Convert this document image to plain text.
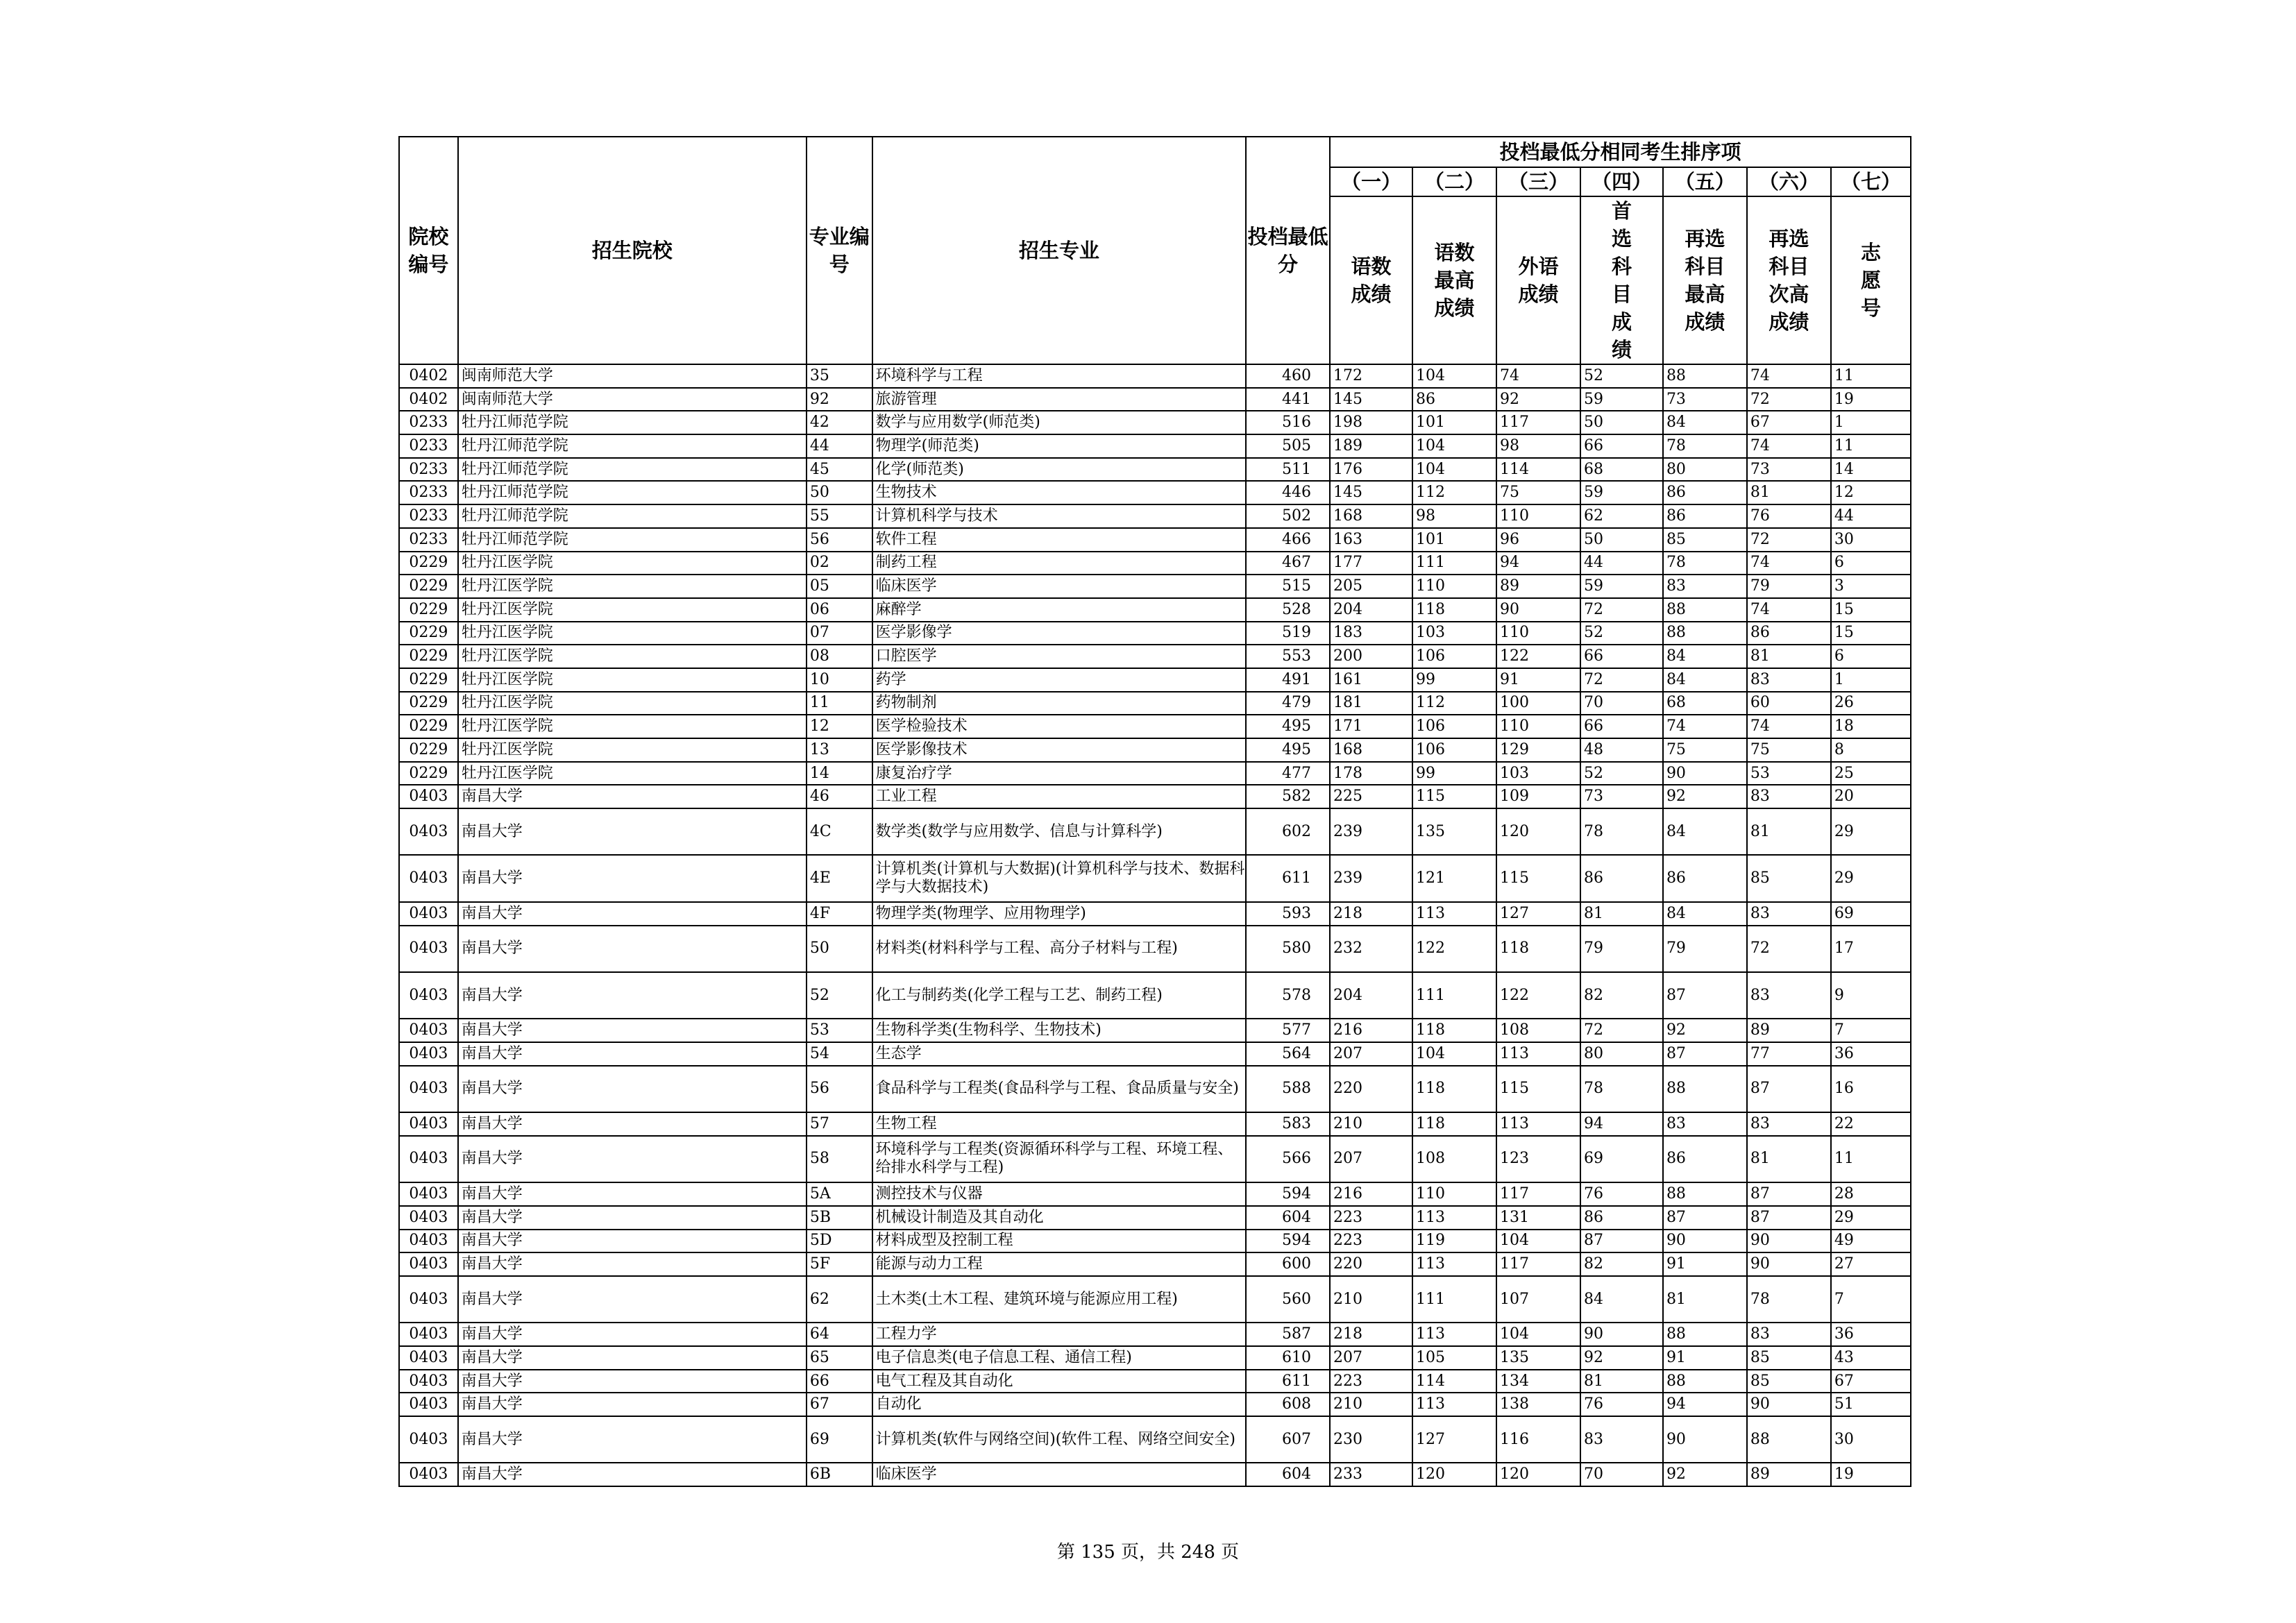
院校编号	招生院校	专业编号	招生专业	投档最低分	投档最低分相同考生排序项						
					（一）	（二）	（三）	（四）	（五）	（六）	（七）
					语数成绩	语数最高成绩	外语成绩	首选科目成绩	再选科目最高成绩	再选科目次高成绩	志愿号
0402	闽南师范大学	35	环境科学与工程	460	172	104	74	52	88	74	11
0402	闽南师范大学	92	旅游管理	441	145	86	92	59	73	72	19
0233	牡丹江师范学院	42	数学与应用数学(师范类)	516	198	101	117	50	84	67	1
0233	牡丹江师范学院	44	物理学(师范类)	505	189	104	98	66	78	74	11
0233	牡丹江师范学院	45	化学(师范类)	511	176	104	114	68	80	73	14
0233	牡丹江师范学院	50	生物技术	446	145	112	75	59	86	81	12
0233	牡丹江师范学院	55	计算机科学与技术	502	168	98	110	62	86	76	44
0233	牡丹江师范学院	56	软件工程	466	163	101	96	50	85	72	30
0229	牡丹江医学院	02	制药工程	467	177	111	94	44	78	74	6
0229	牡丹江医学院	05	临床医学	515	205	110	89	59	83	79	3
0229	牡丹江医学院	06	麻醉学	528	204	118	90	72	88	74	15
0229	牡丹江医学院	07	医学影像学	519	183	103	110	52	88	86	15
0229	牡丹江医学院	08	口腔医学	553	200	106	122	66	84	81	6
0229	牡丹江医学院	10	药学	491	161	99	91	72	84	83	1
0229	牡丹江医学院	11	药物制剂	479	181	112	100	70	68	60	26
0229	牡丹江医学院	12	医学检验技术	495	171	106	110	66	74	74	18
0229	牡丹江医学院	13	医学影像技术	495	168	106	129	48	75	75	8
0229	牡丹江医学院	14	康复治疗学	477	178	99	103	52	90	53	25
0403	南昌大学	46	工业工程	582	225	115	109	73	92	83	20
0403	南昌大学	4C	数学类(数学与应用数学、信息与计算科学)	602	239	135	120	78	84	81	29
0403	南昌大学	4E	计算机类(计算机与大数据)(计算机科学与技术、数据科学与大数据技术)	611	239	121	115	86	86	85	29
0403	南昌大学	4F	物理学类(物理学、应用物理学)	593	218	113	127	81	84	83	69
0403	南昌大学	50	材料类(材料科学与工程、高分子材料与工程)	580	232	122	118	79	79	72	17
0403	南昌大学	52	化工与制药类(化学工程与工艺、制药工程)	578	204	111	122	82	87	83	9
0403	南昌大学	53	生物科学类(生物科学、生物技术)	577	216	118	108	72	92	89	7
0403	南昌大学	54	生态学	564	207	104	113	80	87	77	36
0403	南昌大学	56	食品科学与工程类(食品科学与工程、食品质量与安全)	588	220	118	115	78	88	87	16
0403	南昌大学	57	生物工程	583	210	118	113	94	83	83	22
0403	南昌大学	58	环境科学与工程类(资源循环科学与工程、环境工程、给排水科学与工程)	566	207	108	123	69	86	81	11
0403	南昌大学	5A	测控技术与仪器	594	216	110	117	76	88	87	28
0403	南昌大学	5B	机械设计制造及其自动化	604	223	113	131	86	87	87	29
0403	南昌大学	5D	材料成型及控制工程	594	223	119	104	87	90	90	49
0403	南昌大学	5F	能源与动力工程	600	220	113	117	82	91	90	27
0403	南昌大学	62	土木类(土木工程、建筑环境与能源应用工程)	560	210	111	107	84	81	78	7
0403	南昌大学	64	工程力学	587	218	113	104	90	88	83	36
0403	南昌大学	65	电子信息类(电子信息工程、通信工程)	610	207	105	135	92	91	85	43
0403	南昌大学	66	电气工程及其自动化	611	223	114	134	81	88	85	67
0403	南昌大学	67	自动化	608	210	113	138	76	94	90	51
0403	南昌大学	69	计算机类(软件与网络空间)(软件工程、网络空间安全)	607	230	127	116	83	90	88	30
0403	南昌大学	6B	临床医学	604	233	120	120	70	92	89	19
第 135 页，共 248 页
